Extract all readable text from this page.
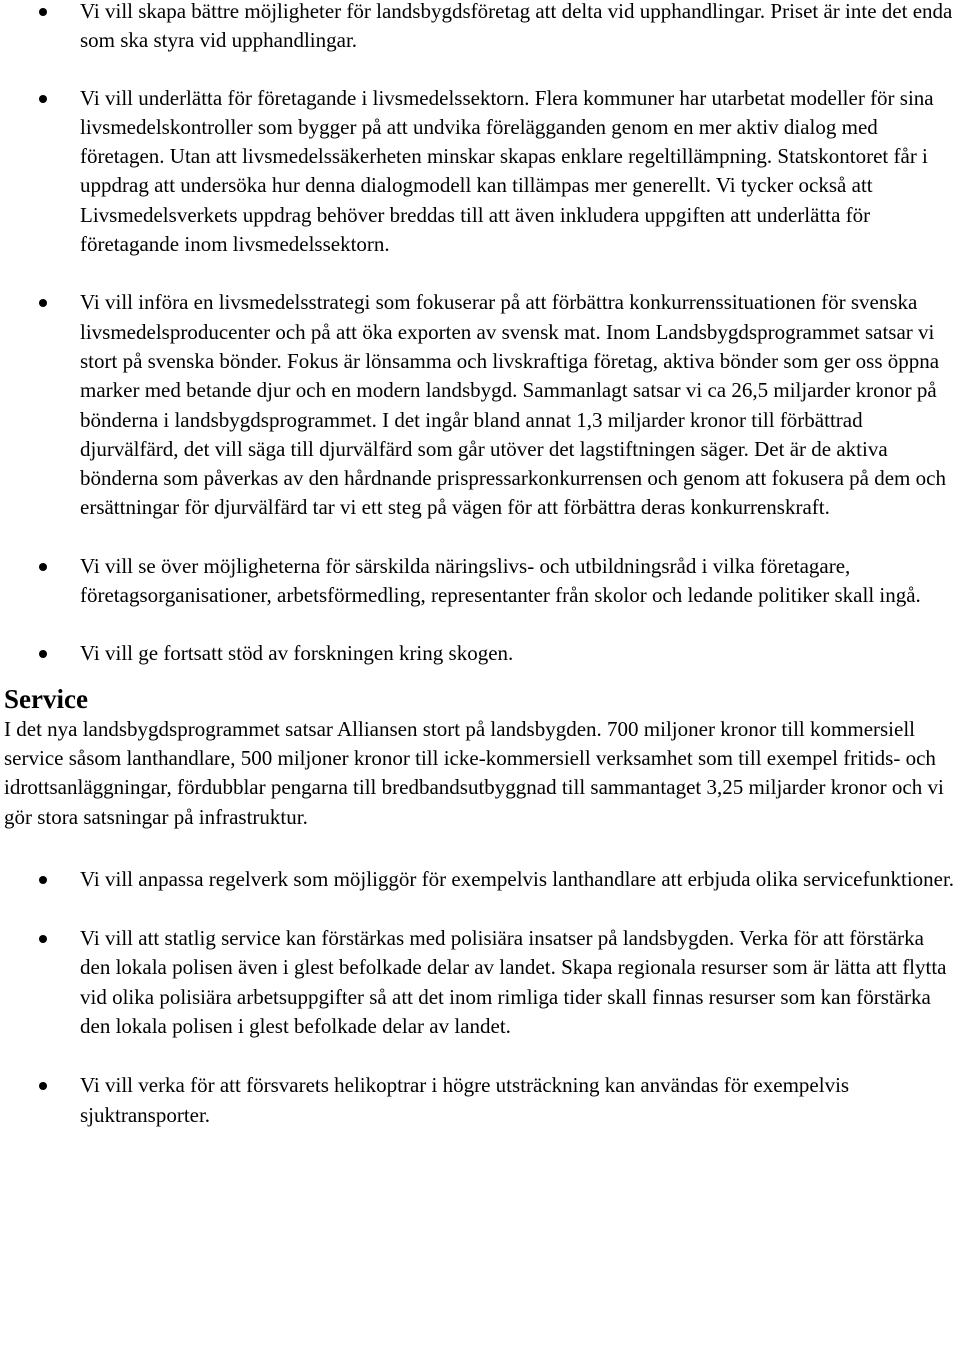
Vi vill skapa bättre möjligheter för landsbygdsföretag att delta vid upphandlingar. Priset är inte det enda som ska styra vid upphandlingar.
Vi vill underlätta för företagande i livsmedelssektorn. Flera kommuner har utarbetat modeller för sina livsmedelskontroller som bygger på att undvika förelägganden genom en mer aktiv dialog med företagen. Utan att livsmedelssäkerheten minskar skapas enklare regeltillämpning. Statskontoret får i uppdrag att undersöka hur denna dialogmodell kan tillämpas mer generellt. Vi tycker också att Livsmedelsverkets uppdrag behöver breddas till att även inkludera uppgiften att underlätta för företagande inom livsmedelssektorn.
Vi vill införa en livsmedelsstrategi som fokuserar på att förbättra konkurrenssituationen för svenska livsmedelsproducenter och på att öka exporten av svensk mat. Inom Landsbygdsprogrammet satsar vi stort på svenska bönder. Fokus är lönsamma och livskraftiga företag, aktiva bönder som ger oss öppna marker med betande djur och en modern landsbygd. Sammanlagt satsar vi ca 26,5 miljarder kronor på bönderna i landsbygdsprogrammet. I det ingår bland annat 1,3 miljarder kronor till förbättrad djurvälfärd, det vill säga till djurvälfärd som går utöver det lagstiftningen säger. Det är de aktiva bönderna som påverkas av den hårdnande prispressarkonkurrensen och genom att fokusera på dem och ersättningar för djurvälfärd tar vi ett steg på vägen för att förbättra deras konkurrenskraft.
Vi vill se över möjligheterna för särskilda näringslivs- och utbildningsråd i vilka företagare, företagsorganisationer, arbetsförmedling, representanter från skolor och ledande politiker skall ingå.
Vi vill ge fortsatt stöd av forskningen kring skogen.
Service

I det nya landsbygdsprogrammet satsar Alliansen stort på landsbygden. 700 miljoner kronor till kommersiell service såsom lanthandlare, 500 miljoner kronor till icke-kommersiell verksamhet som till exempel fritids- och idrottsanläggningar, fördubblar pengarna till bredbandsutbyggnad till sammantaget 3,25 miljarder kronor och vi gör stora satsningar på infrastruktur.

Vi vill anpassa regelverk som möjliggör för exempelvis lanthandlare att erbjuda olika servicefunktioner.
Vi vill att statlig service kan förstärkas med polisiära insatser på landsbygden. Verka för att förstärka den lokala polisen även i glest befolkade delar av landet. Skapa regionala resurser som är lätta att flytta vid olika polisiära arbetsuppgifter så att det inom rimliga tider skall finnas resurser som kan förstärka den lokala polisen i glest befolkade delar av landet.
Vi vill verka för att försvarets helikoptrar i högre utsträckning kan användas för exempelvis sjuktransporter.
